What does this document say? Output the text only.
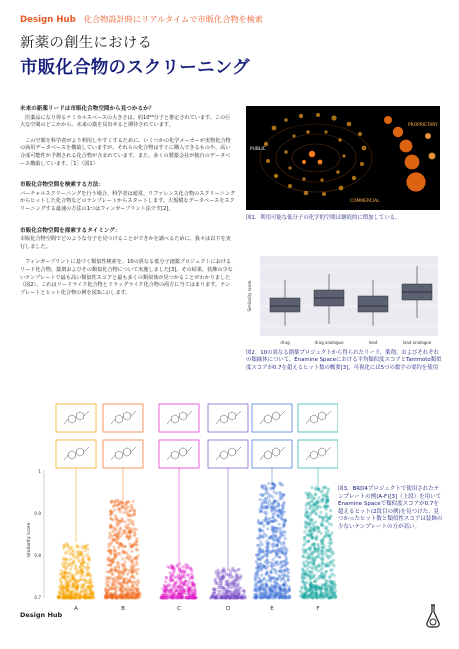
Design Hub 化合物設計時にリアルタイムで市販化合物を検索
新薬の創生における
市販化合物のスクリーニング
未来の新薬リードは市販化合物空間から見つかるか？

　医薬品になり得るケミカルスペースの大きさは、約10⁶³分子と推定されています。この巨大な空間のどこかから、未来の薬を見出せると期待されています。

　この空間を科学者がより利用しやすくするために、いくつかの化学メーカーが実物化合物の商用データベースを構築していますが、それらの化合物はすぐに購入できるものや、高い合成可能性が予測される化合物が含まれています。また、多くの製薬会社が独自のデータベース構築しています。［1］（図1）

市販化合物空間を検索する方法：

バーチャルスクリーニングを行う場合、科学者は通常、リファレンス化合物のスクリーニングからヒットした化合物などのテンプレートからスタートします。大規模なデータベースをスクリーニングする最速の方法の1つはフィンガープリント法です[2]。

市販化合物空間を探索するタイミング：

市販化合物空間でどのような分子を見つけることができかを調べるために、我々は以下を実行しました。

　フィンガープリントに基づく類似性検索を、10の異なる低分子創薬プロジェクトにおけるリード化合物、薬剤およびその類似化合物について実施しました[3]。その結果、装飾の少ないテンプレートで最も高い類似性スコアと最も多くの類似体が見つかることがわかりました（図2）。これはリードライク化合物とドラッグライク化合物の両方に当てはまります。テンプレートとヒット化合物の例を図3に示します。

PROPRIETARY
PUBLIC
COMMERCIAL
図1．利用可能な低分子の化学的空間は継続的に増加している。
Similarity score
drug	drug analogue	lead	lead analogue
図2．10の異なる創薬プロジェクトから得られたリード、薬剤、およびそれぞれの類縁体について、Enamine Spaceにおける平均類似度スコアとTanimoto類似度スコアが0.7を超えるヒット数の概要[3]。可視化には5つの数字の要約を使用
1
0.9
0.8
0.7
similarity score
A	B	C	D	E	F
図3．BRD4プロジェクトで使用されたテンプレートの例(A-F)[3]（上段）を用いてEnamine Spaceで類似度スコアが0.7を超えるヒット(2段目の例)を見つけた。見つかったヒット数と類似性スコアは装飾の少ないテンプレートの方が高い。
Design Hub
